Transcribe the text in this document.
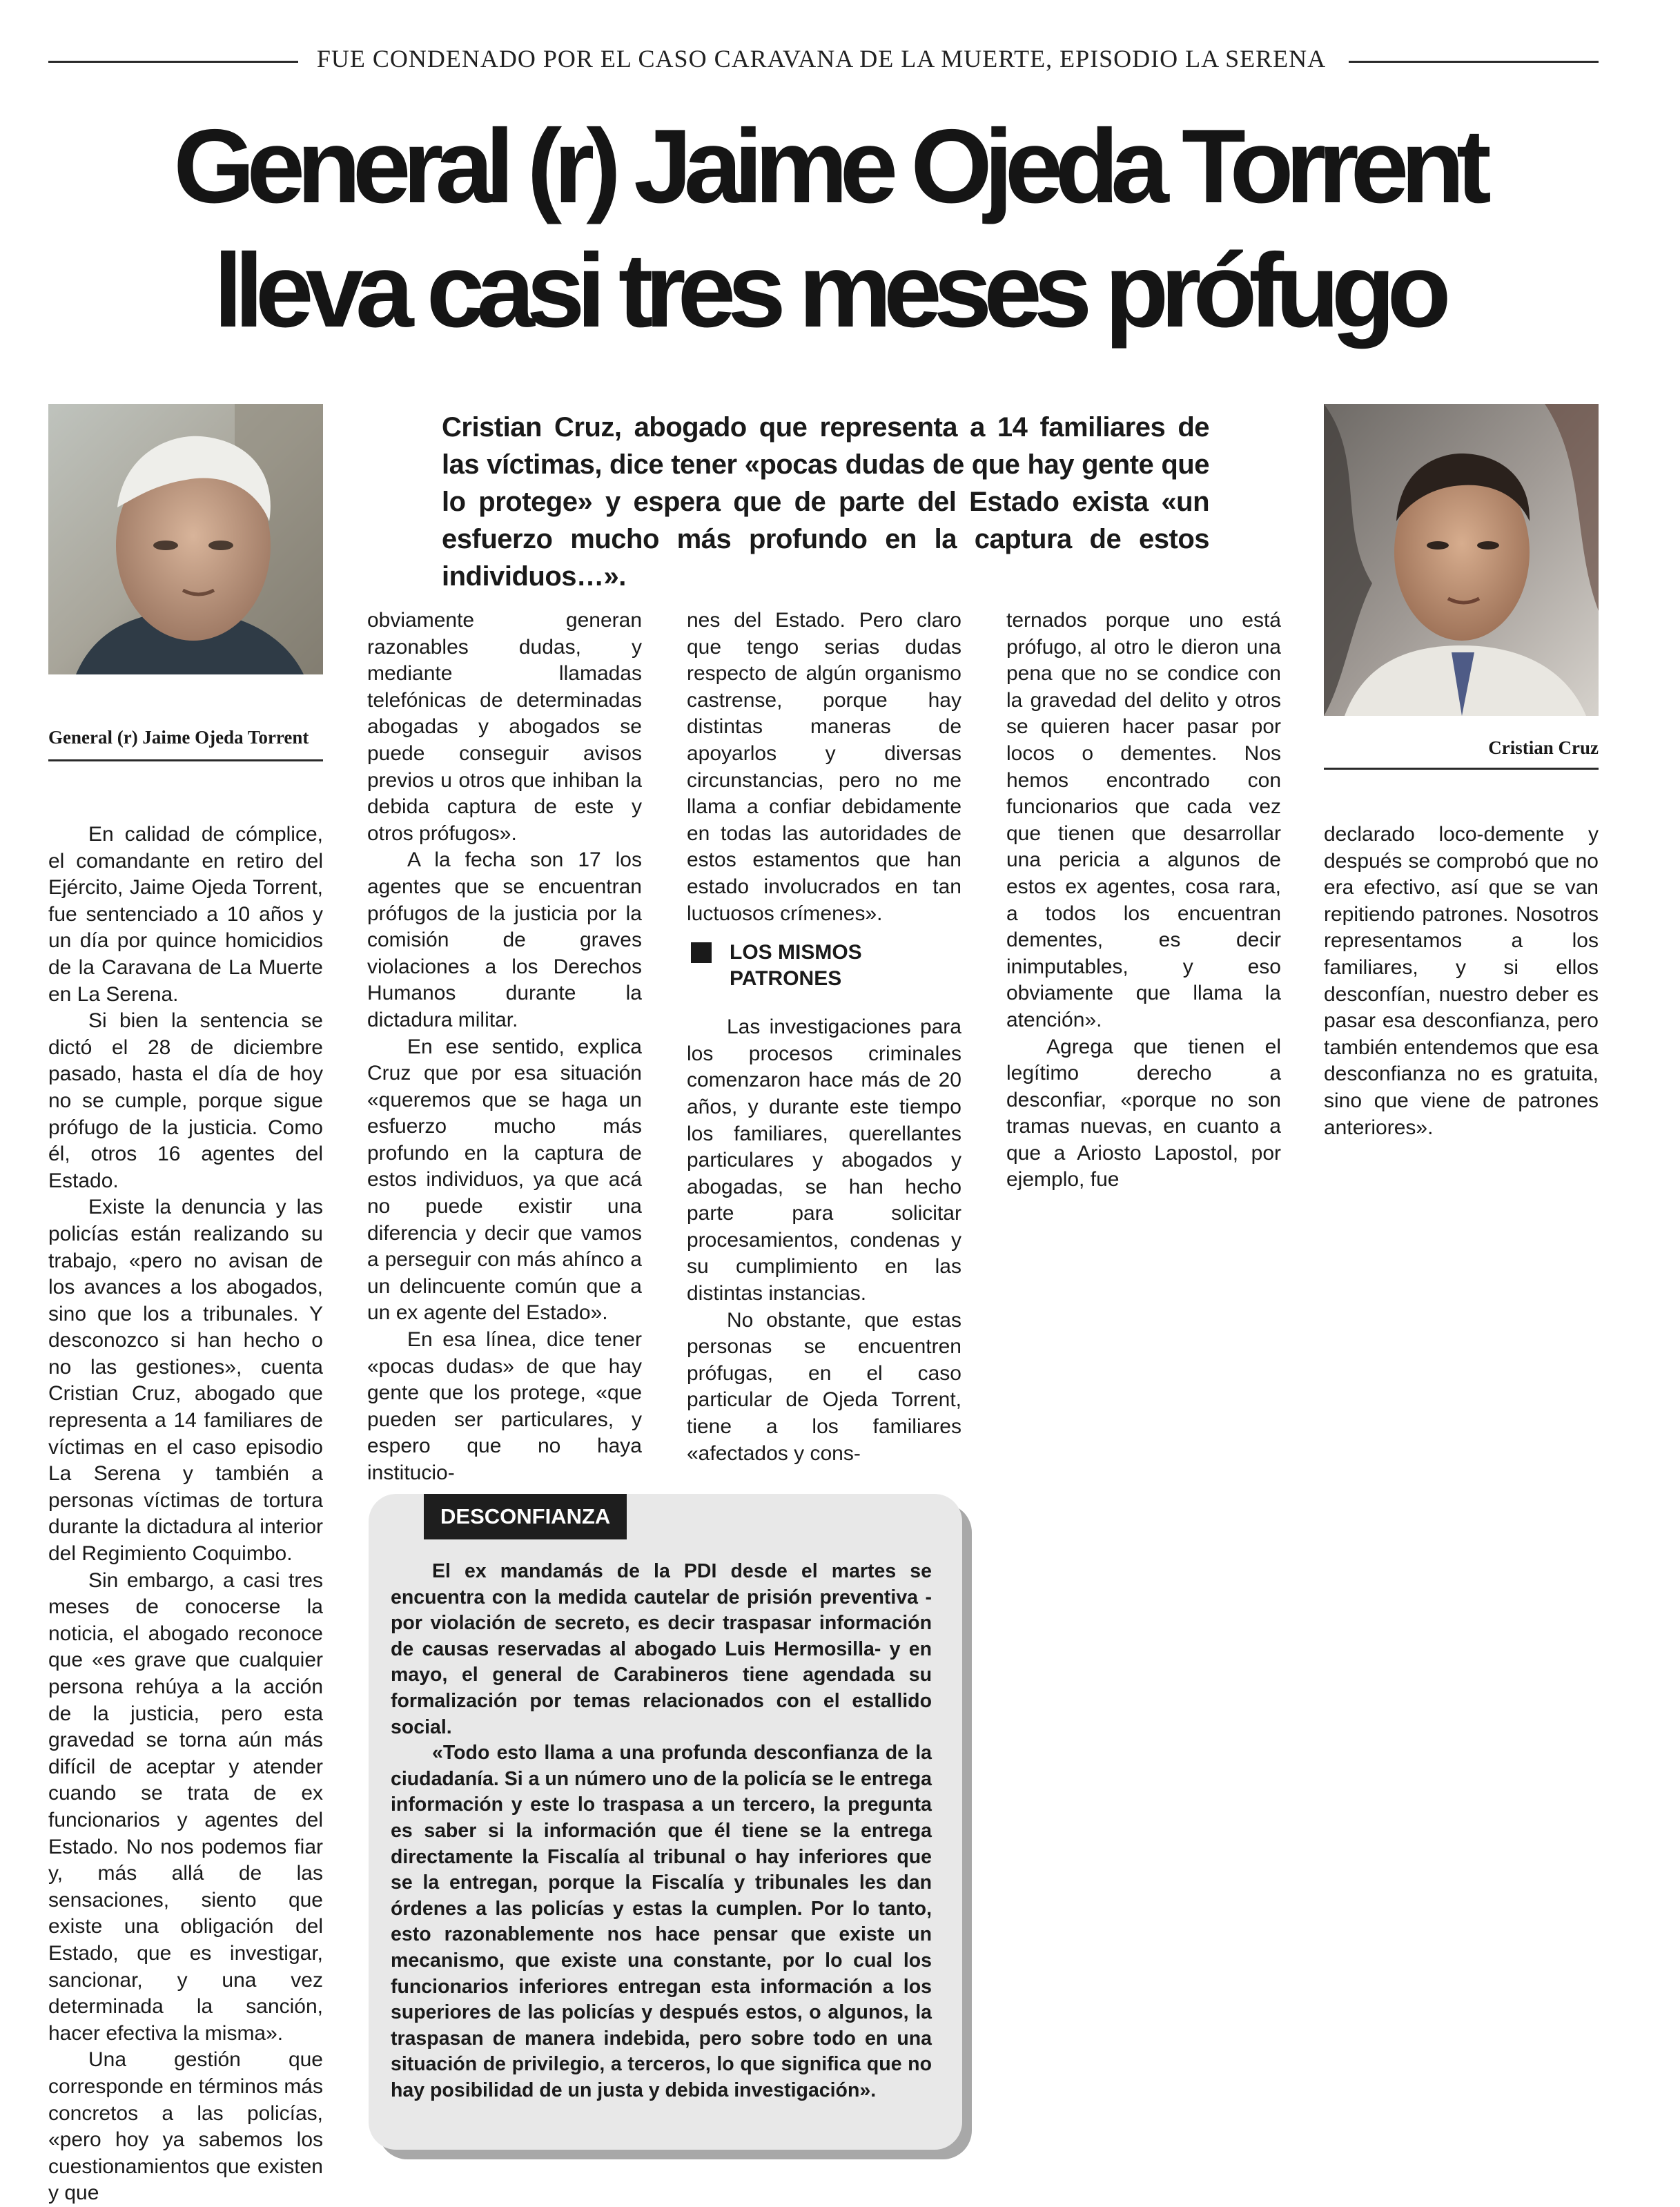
FUE CONDENADO POR EL CASO CARAVANA DE LA MUERTE, EPISODIO LA SERENA
General (r) Jaime Ojeda Torrent
lleva casi tres meses prófugo
General (r) Jaime Ojeda Torrent
Cristian Cruz, abogado que representa a 14 familiares de las víctimas, dice tener «pocas dudas de que hay gente que lo protege» y espera que de parte del Estado exista «un esfuerzo mucho más profundo en la captura de estos individuos…».
Cristian Cruz

En calidad de cómplice, el comandante en retiro del Ejército, Jaime Ojeda Torrent, fue sentenciado a 10 años y un día por quince homicidios de la Caravana de La Muerte en La Serena.

Si bien la sentencia se dictó el 28 de diciembre pasado, hasta el día de hoy no se cumple, porque sigue prófugo de la justicia. Como él, otros 16 agentes del Estado.

Existe la denuncia y las policías están realizando su trabajo, «pero no avisan de los avances a los abogados, sino que los a tribunales. Y desconozco si han hecho o no las gestiones», cuenta Cristian Cruz, abogado que representa a 14 familiares de víctimas en el caso episodio La Serena y también a personas víctimas de tortura durante la dictadura al interior del Regimiento Coquimbo.

Sin embargo, a casi tres meses de conocerse la noticia, el abogado reconoce que «es grave que cualquier persona rehúya a la acción de la justicia, pero esta gravedad se torna aún más difícil de aceptar y atender cuando se trata de ex funcionarios y agentes del Estado. No nos podemos fiar y, más allá de las sensaciones, siento que existe una obligación del Estado, que es investigar, sancionar, y una vez determinada la sanción, hacer efectiva la misma».

Una gestión que corresponde en términos más concretos a las policías, «pero hoy ya sabemos los cuestionamientos que existen y que

obviamente generan razonables dudas, y mediante llamadas telefónicas de determinadas abogadas y abogados se puede conseguir avisos previos u otros que inhiban la debida captura de este y otros prófugos».

A la fecha son 17 los agentes que se encuentran prófugos de la justicia por la comisión de graves violaciones a los Derechos Humanos durante la dictadura militar.

En ese sentido, explica Cruz que por esa situación «queremos que se haga un esfuerzo mucho más profundo en la captura de estos individuos, ya que acá no puede existir una diferencia y decir que vamos a perseguir con más ahínco a un delincuente común que a un ex agente del Estado».

En esa línea, dice tener «pocas dudas» de que hay gente que los protege, «que pueden ser particulares, y espero que no haya institucio-

nes del Estado. Pero claro que tengo serias dudas respecto de algún organismo castrense, porque hay distintas maneras de apoyarlos y diversas circunstancias, pero no me llama a confiar debidamente en todas las autoridades de estos estamentos que han estado involucrados en tan luctuosos crímenes».

LOS MISMOS PATRONES

Las investigaciones para los procesos criminales comenzaron hace más de 20 años, y durante este tiempo los familiares, querellantes particulares y abogados y abogadas, se han hecho parte para solicitar procesamientos, condenas y su cumplimiento en las distintas instancias.

No obstante, que estas personas se encuentren prófugas, en el caso particular de Ojeda Torrent, tiene a los familiares «afectados y cons-

ternados porque uno está prófugo, al otro le dieron una pena que no se condice con la gravedad del delito y otros se quieren hacer pasar por locos o dementes. Nos hemos encontrado con funcionarios que cada vez que tienen que desarrollar una pericia a algunos de estos ex agentes, cosa rara, a todos los encuentran dementes, es decir inimputables, y eso obviamente que llama la atención».

Agrega que tienen el legítimo derecho a desconfiar, «porque no son tramas nuevas, en cuanto a que a Ariosto Lapostol, por ejemplo, fue

declarado loco-demente y después se comprobó que no era efectivo, así que se van repitiendo patrones. Nosotros representamos a los familiares, y si ellos desconfían, nuestro deber es pasar esa desconfianza, pero también entendemos que esa desconfianza no es gratuita, sino que viene de patrones anteriores».

DESCONFIANZA

El ex mandamás de la PDI desde el martes se encuentra con la medida cautelar de prisión preventiva -por violación de secreto, es decir traspasar información de causas reservadas al abogado Luis Hermosilla- y en mayo, el general de Carabineros tiene agendada su formalización por temas relacionados con el estallido social.

«Todo esto llama a una profunda desconfianza de la ciudadanía. Si a un número uno de la policía se le entrega información y este lo traspasa a un tercero, la pregunta es saber si la información que él tiene se la entrega directamente la Fiscalía al tribunal o hay inferiores que se la entregan, porque la Fiscalía y tribunales les dan órdenes a las policías y estas la cumplen. Por lo tanto, esto razonablemente nos hace pensar que existe un mecanismo, que existe una constante, por lo cual los funcionarios inferiores entregan esta información a los superiores de las policías y después estos, o algunos, la traspasan de manera indebida, pero sobre todo en una situación de privilegio, a terceros, lo que significa que no hay posibilidad de un justa y debida investigación».
